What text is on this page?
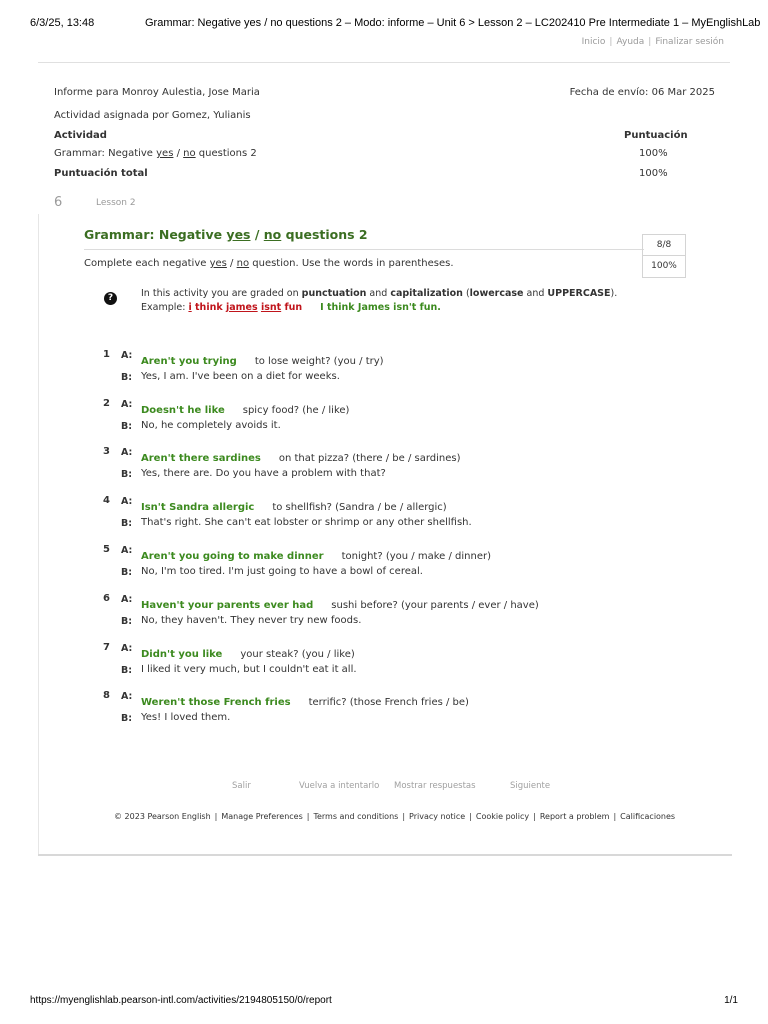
6/3/25, 13:48	Grammar: Negative yes / no questions 2 – Modo: informe – Unit 6 > Lesson 2 – LC202410 Pre Intermediate 1 – MyEnglishLab
Inicio | Ayuda | Finalizar sesión
Informe para Monroy Aulestia, Jose Maria	Fecha de envío: 06 Mar 2025
Actividad asignada por Gomez, Yulianis
Actividad	Puntuación
Grammar: Negative yes / no questions 2	100%
Puntuación total	100%
6	Lesson 2
Grammar: Negative yes / no questions 2
8/8
100%
Complete each negative yes / no question. Use the words in parentheses.
?	In this activity you are graded on punctuation and capitalization (lowercase and UPPERCASE).
Example: i think james isnt fun I think James isn't fun.
1 A:
Aren't you trying to lose weight? (you / try)
B: Yes, I am. I've been on a diet for weeks.
2 A:
Doesn't he like spicy food? (he / like)
B: No, he completely avoids it.
3 A:
Aren't there sardines on that pizza? (there / be / sardines)
B: Yes, there are. Do you have a problem with that?
4 A:
Isn't Sandra allergic to shellfish? (Sandra / be / allergic)
B: That's right. She can't eat lobster or shrimp or any other shellfish.
5 A:
Aren't you going to make dinner tonight? (you / make / dinner)
B: No, I'm too tired. I'm just going to have a bowl of cereal.
6 A:
Haven't your parents ever had sushi before? (your parents / ever / have)
B: No, they haven't. They never try new foods.
7 A:
Didn't you like your steak? (you / like)
B: I liked it very much, but I couldn't eat it all.
8 A:
Weren't those French fries terrific? (those French fries / be)
B: Yes! I loved them.
Salir	Vuelva a intentarlo Mostrar respuestas	Siguiente
© 2023 Pearson English | Manage Preferences | Terms and conditions | Privacy notice | Cookie policy | Report a problem | Calificaciones
https://myenglishlab.pearson-intl.com/activities/2194805150/0/report	1/1
